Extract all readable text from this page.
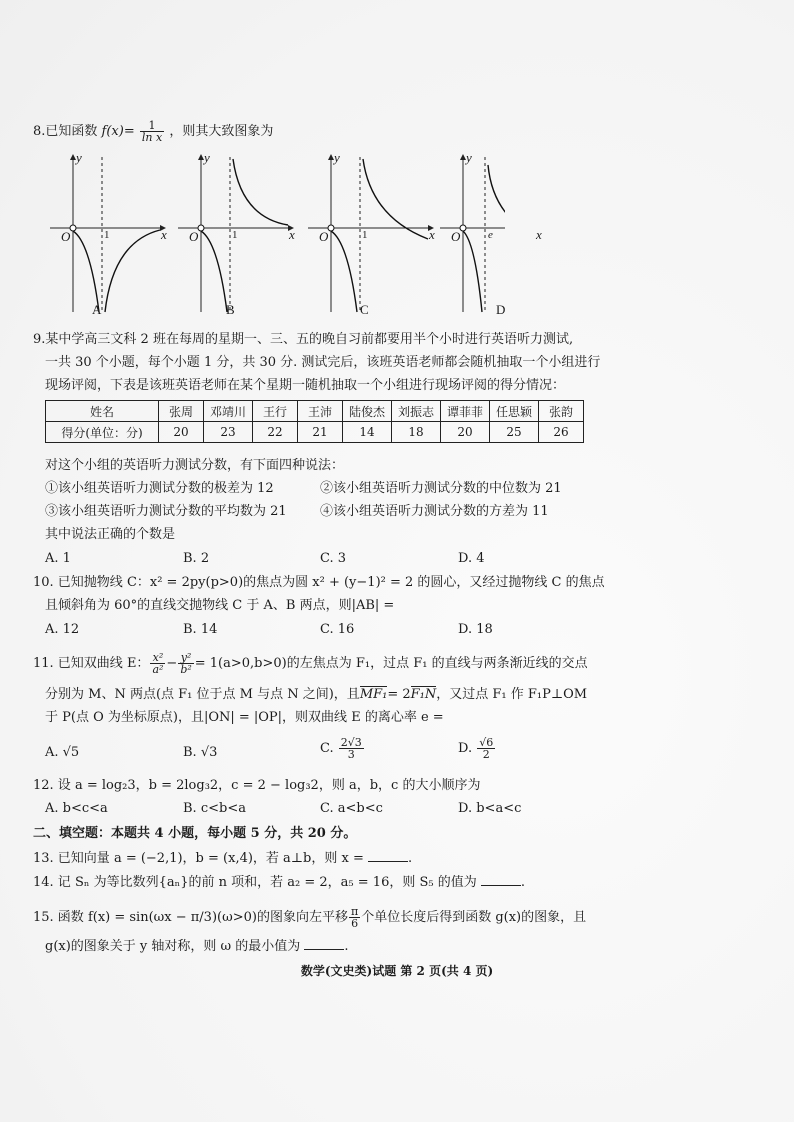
8.已知函数 $f(x)= \frac{1}{\text{ln x}}$ ，则其大致图象为
y
x
O	1
A
y
x
O	1
B
y
x
O	1
C
y
x
O	e
D
9.某中学高三文科 2 班在每周的星期一、三、五的晚自习前都要用半个小时进行英语听力测试,
一共 30 个小题，每个小题 1 分，共 30 分. 测试完后，该班英语老师都会随机抽取一个小组进行
现场评阅，下表是该班英语老师在某个星期一随机抽取一个小组进行现场评阅的得分情况：
姓名	张周	邓靖川	王行	王沛	陆俊杰	刘振志	谭菲菲	任思颖	张韵
得分(单位：分)	20	23	22	21	14	18	20	25	26
对这个小组的英语听力测试分数，有下面四种说法：
①该小组英语听力测试分数的极差为 12	②该小组英语听力测试分数的中位数为 21
③该小组英语听力测试分数的平均数为 21	④该小组英语听力测试分数的方差为 11
其中说法正确的个数是
A. 1	B. 2	C. 3	D. 4
10. 已知抛物线 C：x² = 2py(p>0)的焦点为圆 x² + (y−1)² = 2 的圆心，又经过抛物线 C 的焦点
且倾斜角为 60°的直线交抛物线 C 于 A、B 两点，则|AB| =
A. 12	B. 14	C. 16	D. 18
11. 已知双曲线 E： $\frac{\text{x²}}{\text{a²}} - \frac{\text{y²}}{\text{b²}} = 1(a>0,b>0)$的左焦点为 F₁，过点 F₁ 的直线与两条渐近线的交点
分别为 M、N 两点(点 F₁ 位于点 M 与点 N 之间)，且MF₁= 2F₁N，又过点 F₁ 作 F₁P⊥OM
于 P(点 O 为坐标原点)，且|ON| = |OP|，则双曲线 E 的离心率 e =
A. √5	B. √3	C. $\frac{2√3}{3}$	D. $\frac{√6}{2}$
12. 设 a = log₂3，b = 2log₃2，c = 2 − log₃2，则 a，b，c 的大小顺序为
A. b<c<a	B. c<b<a	C. a<b<c	D. b<a<c
二、填空题：本题共 4 小题，每小题 5 分，共 20 分。
13. 已知向量 a = (−2,1)，b = (x,4)，若 a⊥b，则 x =	.
14. 记 Sₙ 为等比数列{aₙ}的前 n 项和，若 a₂ = 2，a₅ = 16，则 S₅ 的值为	.
15. 函数 f(x) = sin(ωx − π/3)(ω>0)的图象向左平移 $\frac{\pi}{6}$ 个单位长度后得到函数 g(x)的图象，且
g(x)的图象关于 y 轴对称，则 ω 的最小值为	.
数学(文史类)试题 第 2 页(共 4 页)
